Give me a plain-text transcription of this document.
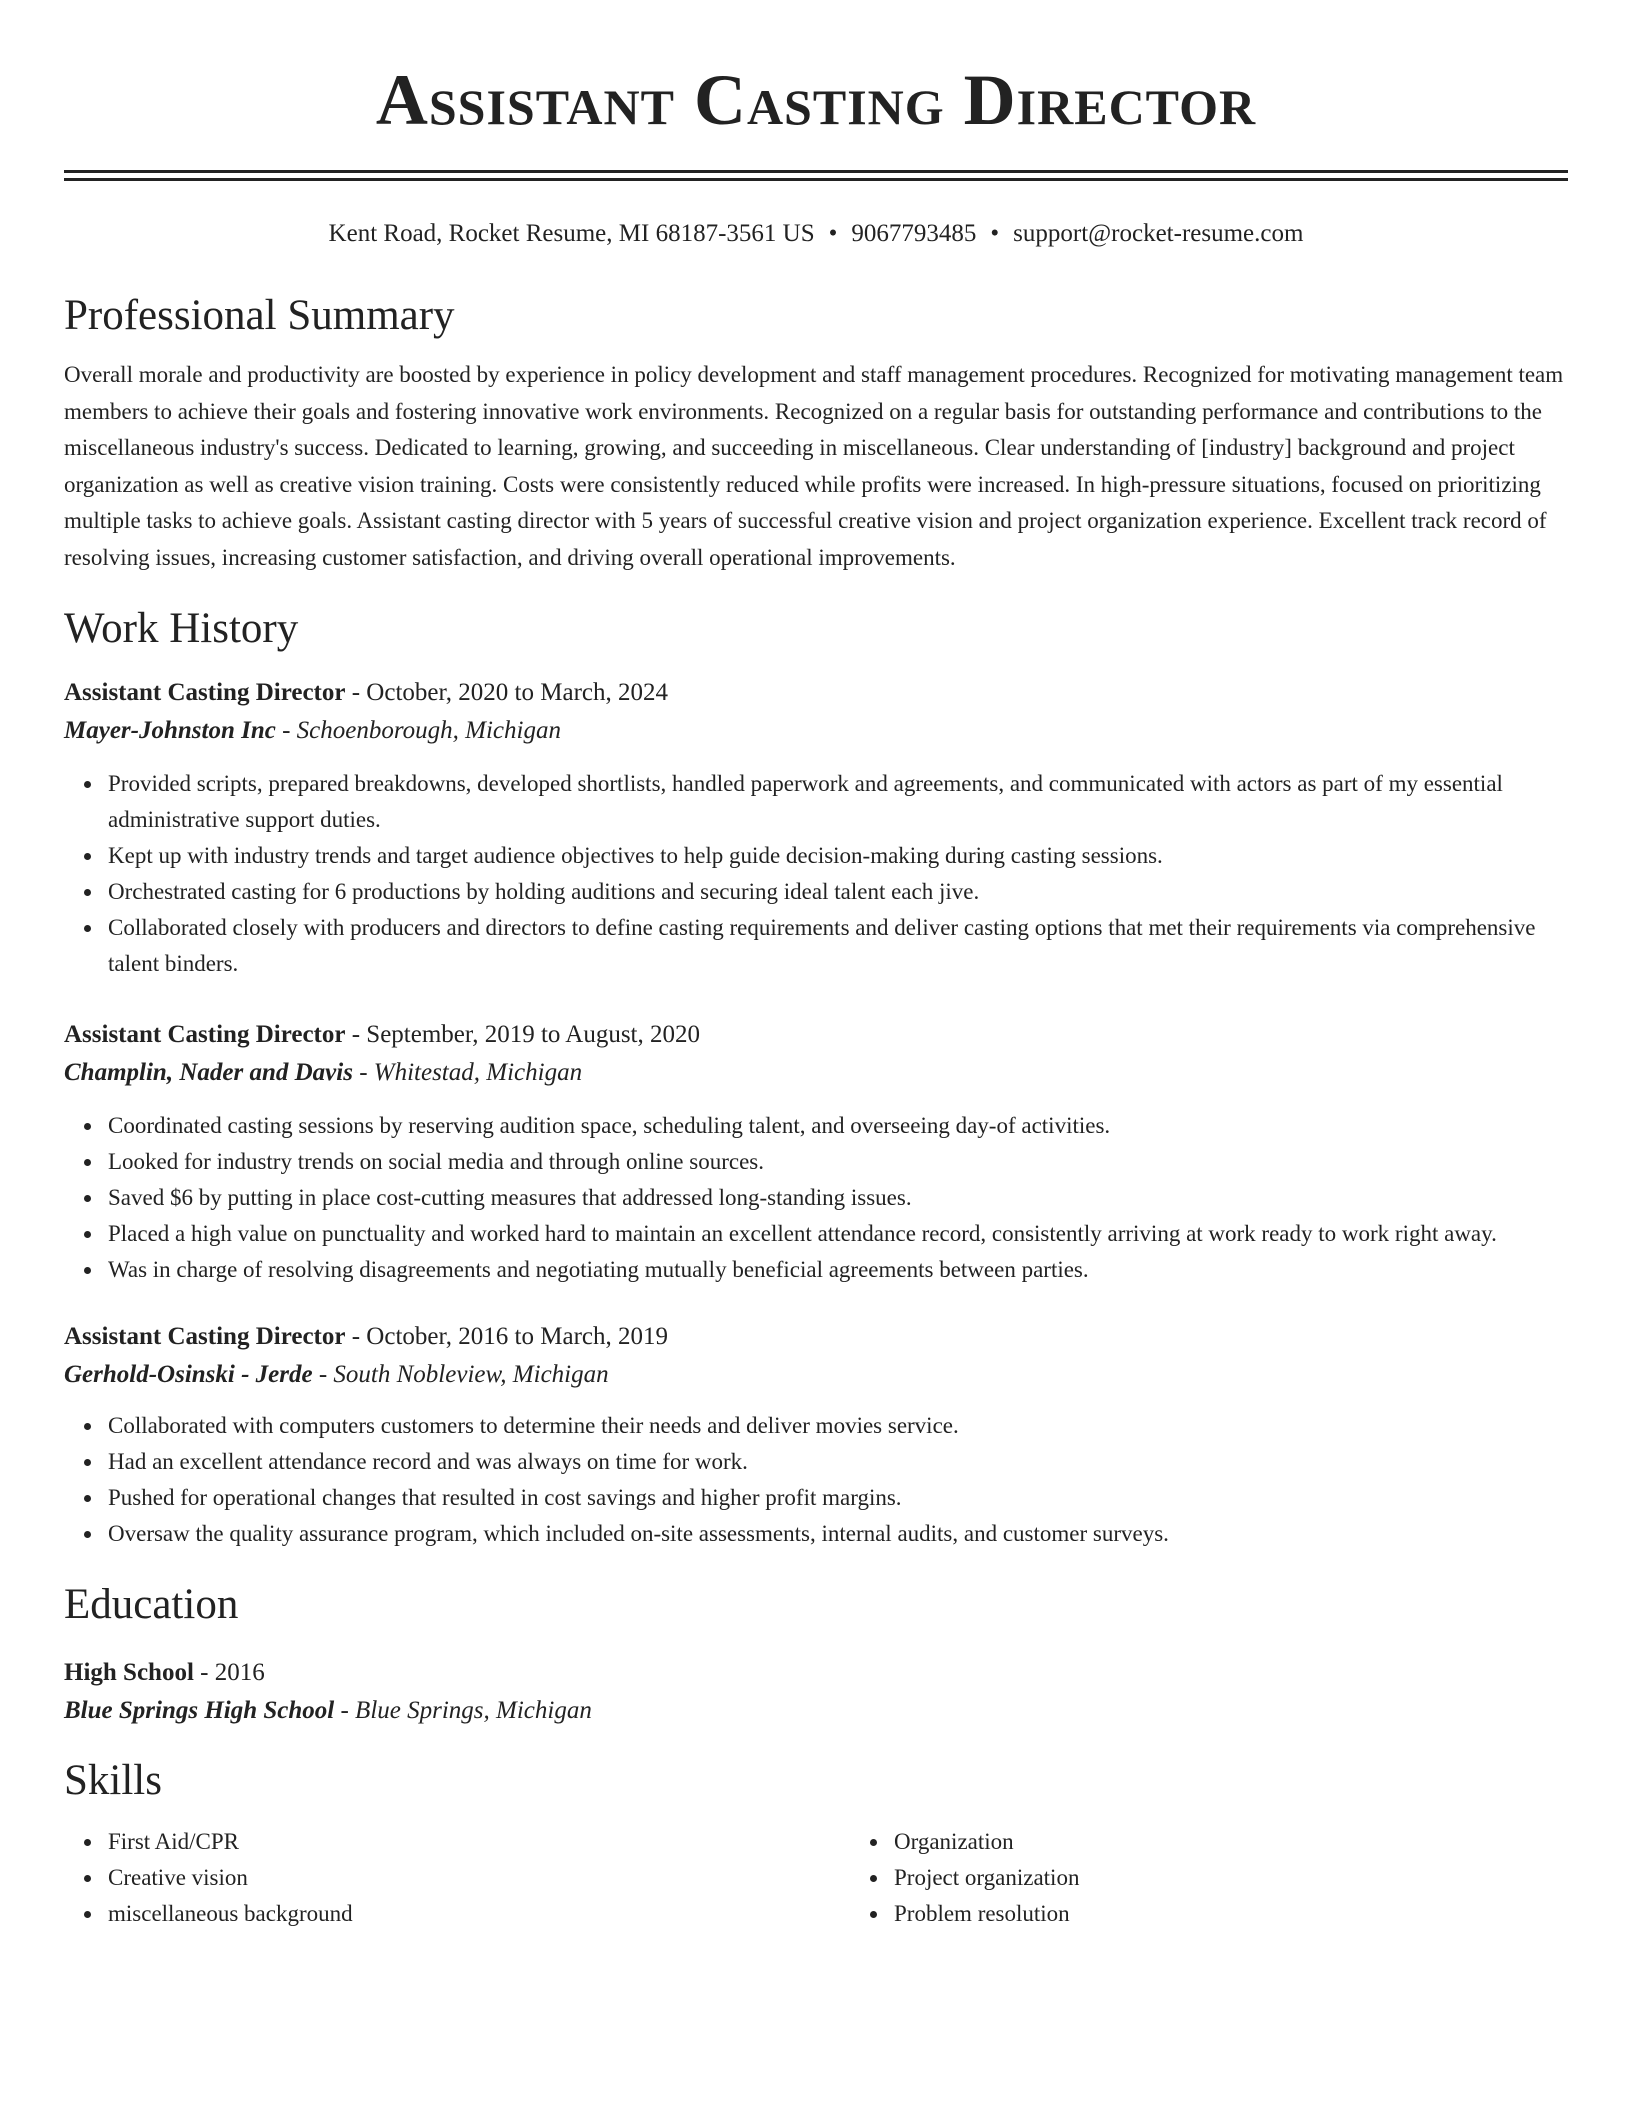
Assistant Casting Director
Kent Road, Rocket Resume, MI 68187-3561 US • 9067793485 • support@rocket-resume.com
Professional Summary

Overall morale and productivity are boosted by experience in policy development and staff management procedures. Recognized for motivating management team members to achieve their goals and fostering innovative work environments. Recognized on a regular basis for outstanding performance and contributions to the miscellaneous industry's success. Dedicated to learning, growing, and succeeding in miscellaneous. Clear understanding of [industry] background and project organization as well as creative vision training. Costs were consistently reduced while profits were increased. In high-pressure situations, focused on prioritizing multiple tasks to achieve goals. Assistant casting director with 5 years of successful creative vision and project organization experience. Excellent track record of resolving issues, increasing customer satisfaction, and driving overall operational improvements.

Work History
Assistant Casting Director - October, 2020 to March, 2024
Mayer-Johnston Inc - Schoenborough, Michigan
Provided scripts, prepared breakdowns, developed shortlists, handled paperwork and agreements, and communicated with actors as part of my essential administrative support duties.
Kept up with industry trends and target audience objectives to help guide decision-making during casting sessions.
Orchestrated casting for 6 productions by holding auditions and securing ideal talent each jive.
Collaborated closely with producers and directors to define casting requirements and deliver casting options that met their requirements via comprehensive talent binders.
Assistant Casting Director - September, 2019 to August, 2020
Champlin, Nader and Davis - Whitestad, Michigan
Coordinated casting sessions by reserving audition space, scheduling talent, and overseeing day-of activities.
Looked for industry trends on social media and through online sources.
Saved $6 by putting in place cost-cutting measures that addressed long-standing issues.
Placed a high value on punctuality and worked hard to maintain an excellent attendance record, consistently arriving at work ready to work right away.
Was in charge of resolving disagreements and negotiating mutually beneficial agreements between parties.
Assistant Casting Director - October, 2016 to March, 2019
Gerhold-Osinski - Jerde - South Nobleview, Michigan
Collaborated with computers customers to determine their needs and deliver movies service.
Had an excellent attendance record and was always on time for work.
Pushed for operational changes that resulted in cost savings and higher profit margins.
Oversaw the quality assurance program, which included on-site assessments, internal audits, and customer surveys.
Education
High School - 2016
Blue Springs High School - Blue Springs, Michigan
Skills
First Aid/CPR
Creative vision
miscellaneous background
Organization
Project organization
Problem resolution
